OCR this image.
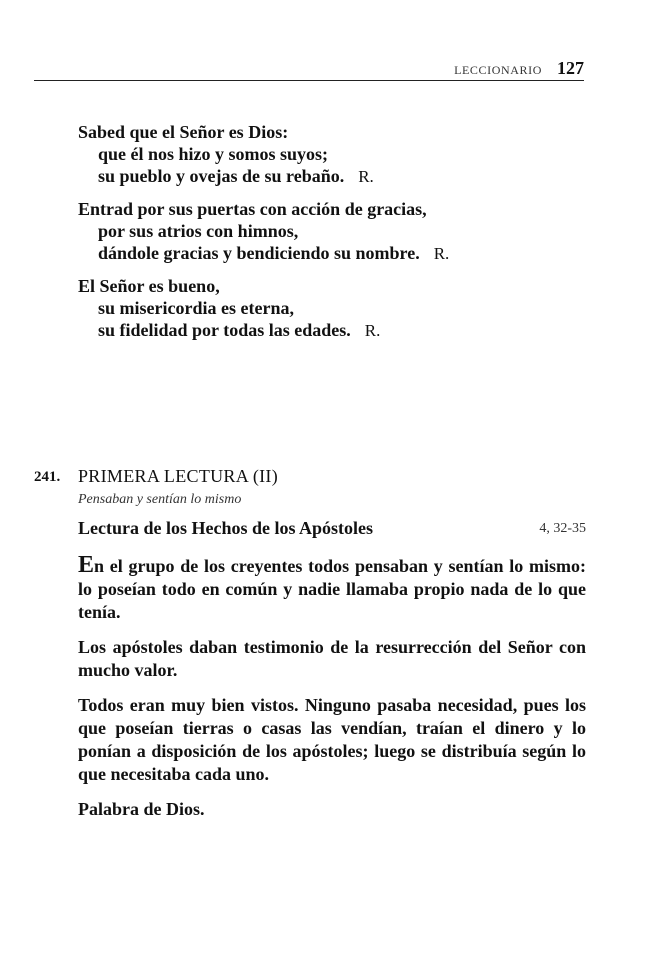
LECCIONARIO 127
Sabed que el Señor es Dios:
que él nos hizo y somos suyos;
su pueblo y ovejas de su rebaño. R.
Entrad por sus puertas con acción de gracias,
por sus atrios con himnos,
dándole gracias y bendiciendo su nombre. R.
El Señor es bueno,
su misericordia es eterna,
su fidelidad por todas las edades. R.
241. PRIMERA LECTURA (II)
Pensaban y sentían lo mismo
Lectura de los Hechos de los Apóstoles	4, 32-35
En el grupo de los creyentes todos pensaban y sentían lo mismo: lo poseían todo en común y nadie llamaba propio nada de lo que tenía.
Los apóstoles daban testimonio de la resurrección del Señor con mucho valor.
Todos eran muy bien vistos. Ninguno pasaba necesidad, pues los que poseían tierras o casas las vendían, traían el dinero y lo ponían a disposición de los apóstoles; luego se distribuía según lo que necesitaba cada uno.
Palabra de Dios.
